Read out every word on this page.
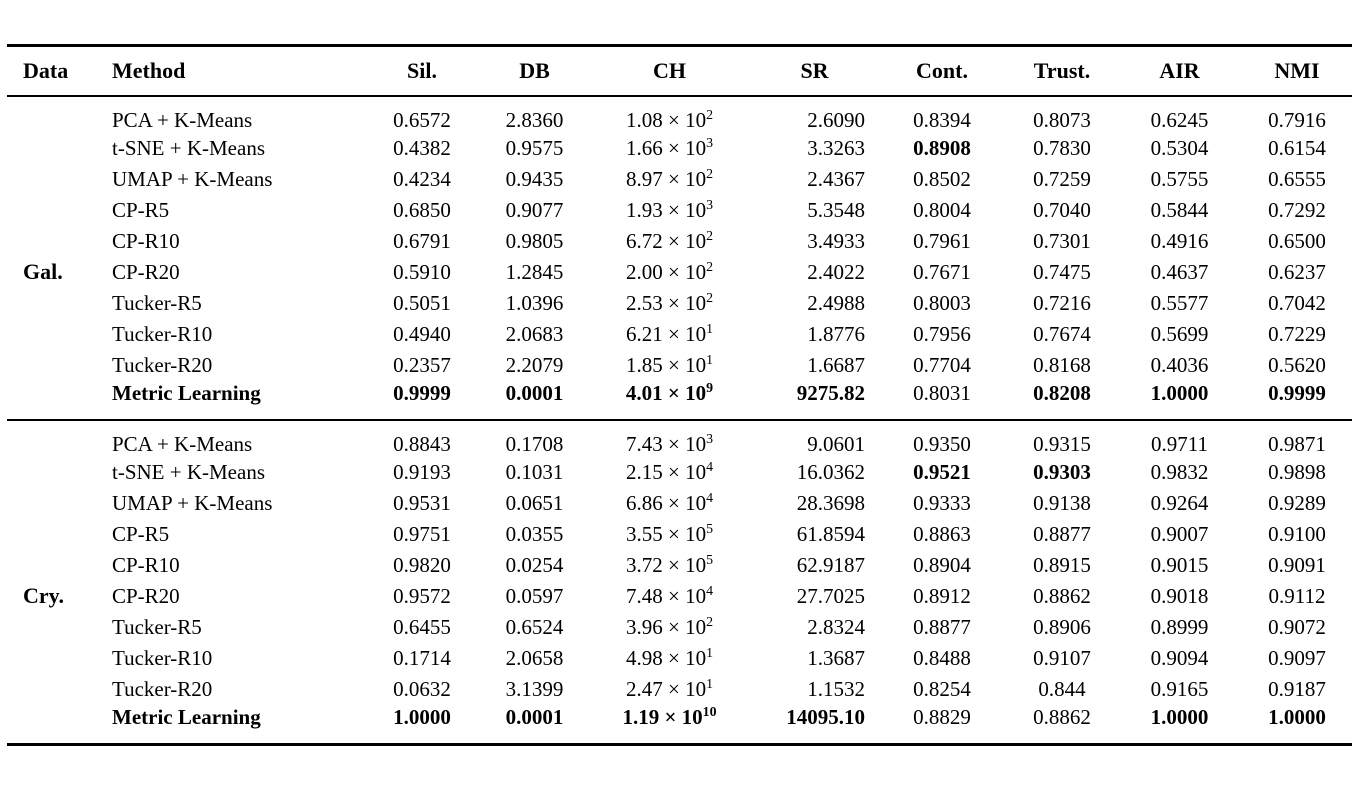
Data	Method	Sil.	DB	CH	SR	Cont.	Trust.	AIR	NMI
	PCA + K-Means	0.6572	2.8360	$1.08 \times 10^2$	2.6090	0.8394	0.8073	0.6245	0.7916
	t-SNE + K-Means	0.4382	0.9575	$1.66 \times 10^3$	3.3263	0.8908	0.7830	0.5304	0.6154
	UMAP + K-Means	0.4234	0.9435	$8.97 \times 10^2$	2.4367	0.8502	0.7259	0.5755	0.6555
	CP-R5	0.6850	0.9077	$1.93 \times 10^3$	5.3548	0.8004	0.7040	0.5844	0.7292
	CP-R10	0.6791	0.9805	$6.72 \times 10^2$	3.4933	0.7961	0.7301	0.4916	0.6500
Gal.	CP-R20	0.5910	1.2845	$2.00 \times 10^2$	2.4022	0.7671	0.7475	0.4637	0.6237
	Tucker-R5	0.5051	1.0396	$2.53 \times 10^2$	2.4988	0.8003	0.7216	0.5577	0.7042
	Tucker-R10	0.4940	2.0683	$6.21 \times 10^1$	1.8776	0.7956	0.7674	0.5699	0.7229
	Tucker-R20	0.2357	2.2079	$1.85 \times 10^1$	1.6687	0.7704	0.8168	0.4036	0.5620
	Metric Learning	0.9999	0.0001	$4.01 \times 10^9$	9275.82	0.8031	0.8208	1.0000	0.9999
	PCA + K-Means	0.8843	0.1708	$7.43 \times 10^3$	9.0601	0.9350	0.9315	0.9711	0.9871
	t-SNE + K-Means	0.9193	0.1031	$2.15 \times 10^4$	16.0362	0.9521	0.9303	0.9832	0.9898
	UMAP + K-Means	0.9531	0.0651	$6.86 \times 10^4$	28.3698	0.9333	0.9138	0.9264	0.9289
	CP-R5	0.9751	0.0355	$3.55 \times 10^5$	61.8594	0.8863	0.8877	0.9007	0.9100
	CP-R10	0.9820	0.0254	$3.72 \times 10^5$	62.9187	0.8904	0.8915	0.9015	0.9091
Cry.	CP-R20	0.9572	0.0597	$7.48 \times 10^4$	27.7025	0.8912	0.8862	0.9018	0.9112
	Tucker-R5	0.6455	0.6524	$3.96 \times 10^2$	2.8324	0.8877	0.8906	0.8999	0.9072
	Tucker-R10	0.1714	2.0658	$4.98 \times 10^1$	1.3687	0.8488	0.9107	0.9094	0.9097
	Tucker-R20	0.0632	3.1399	$2.47 \times 10^1$	1.1532	0.8254	0.844	0.9165	0.9187
	Metric Learning	1.0000	0.0001	$1.19 \times 10^{10}$	14095.10	0.8829	0.8862	1.0000	1.0000
